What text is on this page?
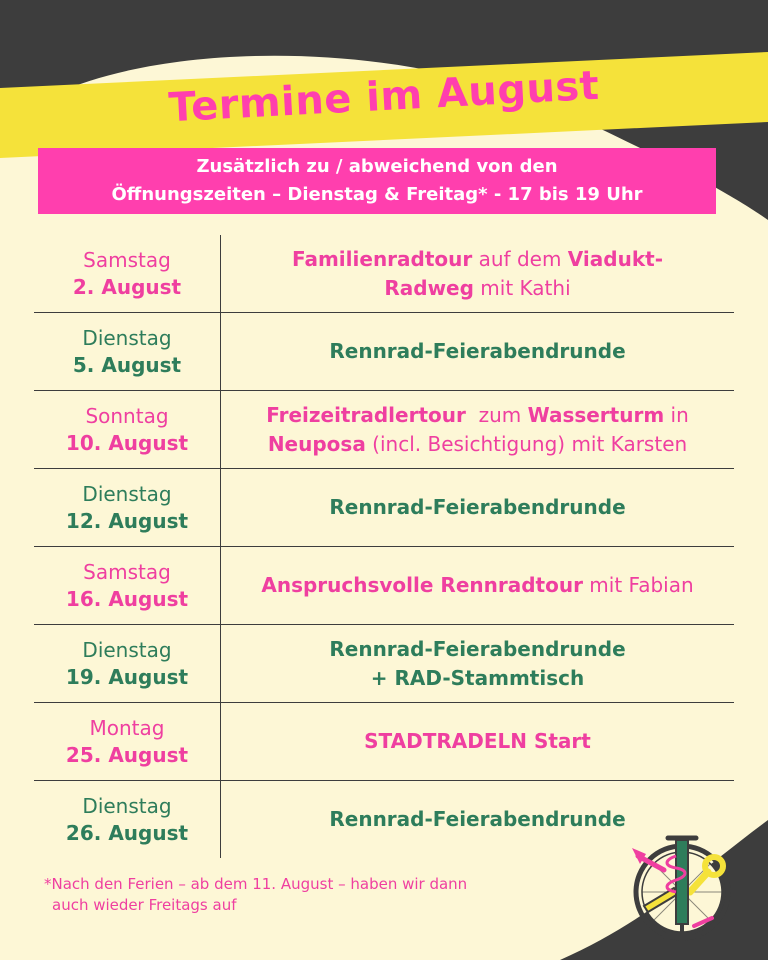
Termine im August
Zusätzlich zu / abweichend von den
Öffnungszeiten – Dienstag & Freitag* - 17 bis 19 Uhr
Samstag
2. August
Familienradtour auf dem Viadukt-
Radweg mit Kathi
Dienstag
5. August
Rennrad-Feierabendrunde
Sonntag
10. August
Freizeitradlertour  zum Wasserturm in
Neuposa (incl. Besichtigung) mit Karsten
Dienstag
12. August
Rennrad-Feierabendrunde
Samstag
16. August
Anspruchsvolle Rennradtour mit Fabian
Dienstag
19. August
Rennrad-Feierabendrunde
+ RAD-Stammtisch
Montag
25. August
STADTRADELN Start
Dienstag
26. August
Rennrad-Feierabendrunde
*Nach den Ferien – ab dem 11. August – haben wir dann
auch wieder Freitags auf
